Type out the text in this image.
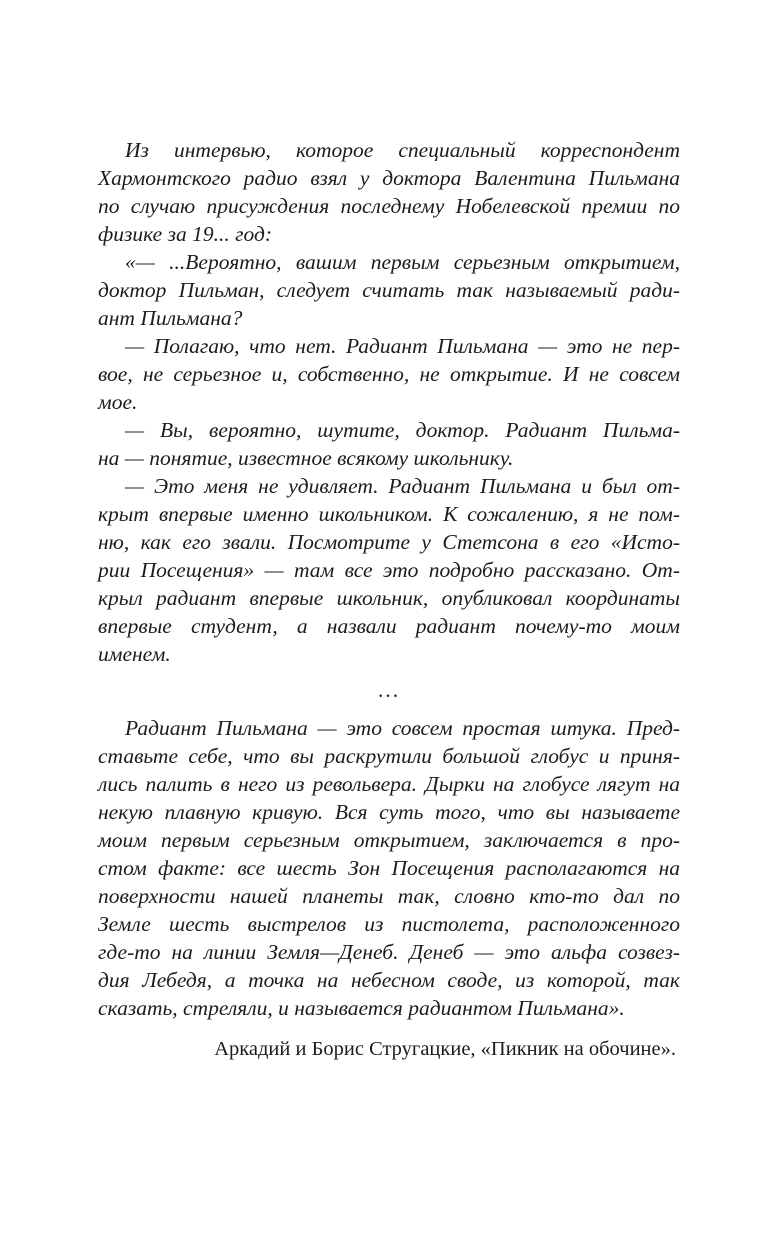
Из интервью, которое специальный корреспондент
Хармонтского радио взял у доктора Валентина Пильмана
по случаю присуждения последнему Нобелевской премии по
физике за 19... год:
«— ...Вероятно, вашим первым серьезным открытием,
доктор Пильман, следует считать так называемый ради-
ант Пильмана?
— Полагаю, что нет. Радиант Пильмана — это не пер-
вое, не серьезное и, собственно, не открытие. И не совсем
мое.
— Вы, вероятно, шутите, доктор. Радиант Пильма-
на — понятие, известное всякому школьнику.
— Это меня не удивляет. Радиант Пильмана и был от-
крыт впервые именно школьником. К сожалению, я не пом-
ню, как его звали. Посмотрите у Стетсона в его «Исто-
рии Посещения» — там все это подробно рассказано. От-
крыл радиант впервые школьник, опубликовал координаты
впервые студент, а назвали радиант почему-то моим
именем.
...
Радиант Пильмана — это совсем простая штука. Пред-
ставьте себе, что вы раскрутили большой глобус и приня-
лись палить в него из револьвера. Дырки на глобусе лягут на
некую плавную кривую. Вся суть того, что вы называете
моим первым серьезным открытием, заключается в про-
стом факте: все шесть Зон Посещения располагаются на
поверхности нашей планеты так, словно кто-то дал по
Земле шесть выстрелов из пистолета, расположенного
где-то на линии Земля—Денеб. Денеб — это альфа созвез-
дия Лебедя, а точка на небесном своде, из которой, так
сказать, стреляли, и называется радиантом Пильмана».
Аркадий и Борис Стругацкие, «Пикник на обочине».
